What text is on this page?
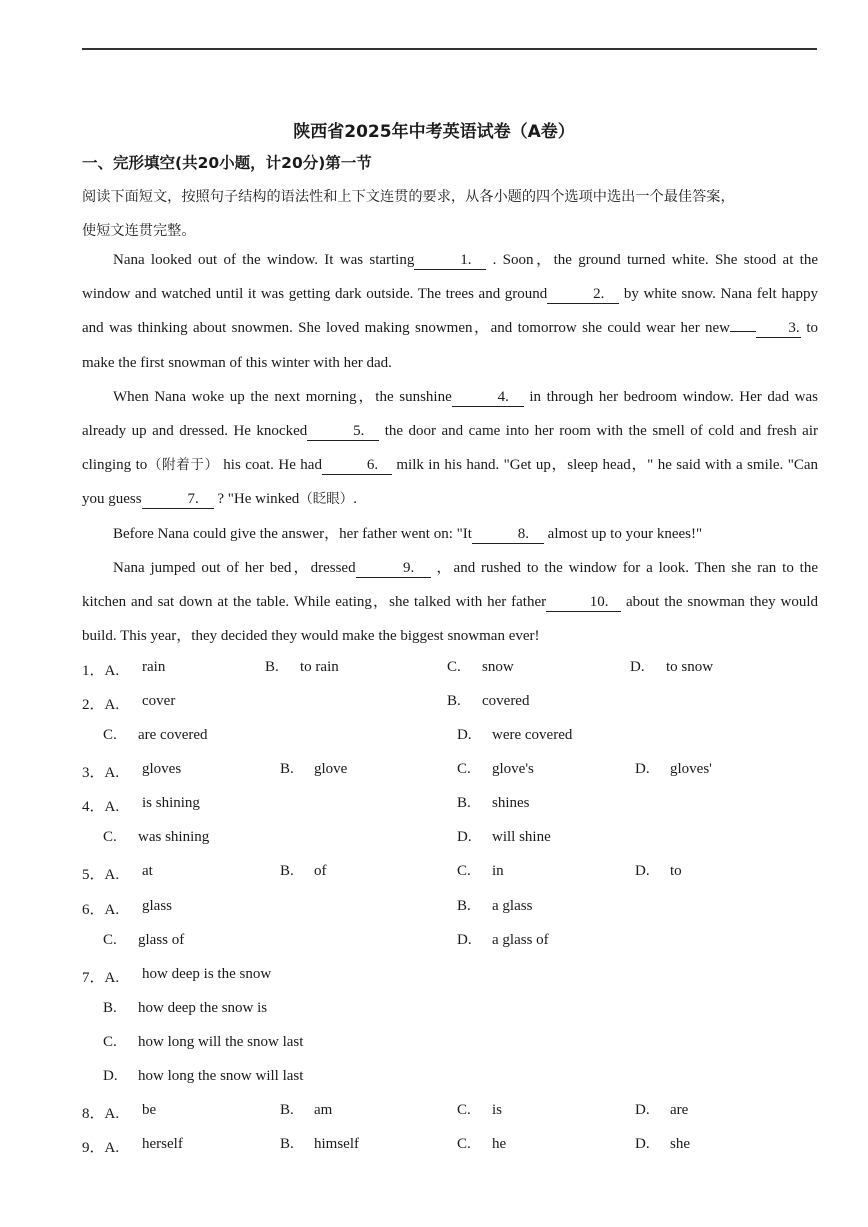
陕西省2025年中考英语试卷（A卷）
一、完形填空(共20小题，计20分)第一节
阅读下面短文，按照句子结构的语法性和上下文连贯的要求，从各小题的四个选项中选出一个最佳答案，
使短文连贯完整。

Nana looked out of the window. It was starting	1. . Soon，the ground turned white. She stood at the window and watched until it was getting dark outside. The trees and ground	2. by white snow. Nana felt happy and was thinking about snowmen. She loved making snowmen，and tomorrow she could wear her new	3. to make the first snowman of this winter with her dad.

When Nana woke up the next morning，the sunshine	4. in through her bedroom window. Her dad was already up and dressed. He knocked	5. the door and came into her room with the smell of cold and fresh air clinging to（附着于） his coat. He had	6. milk in his hand. "Get up，sleep head，" he said with a smile. "Can you guess	7. ? "He winked（眨眼）.

Before Nana could give the answer，her father went on: "It	8. almost up to your knees!"

Nana jumped out of her bed，dressed	9. ，and rushed to the window for a look. Then she ran to the kitchen and sat down at the table. While eating，she talked with her father	10. about the snowman they would build. This year，they decided they would make the biggest snowman ever!

1．A. rain	B. to rain	C. snow	D. to snow
2．A. cover	B. covered
C. are covered	D. were covered
3．A. gloves	B. glove	C. glove's	D. gloves'
4．A. is shining	B. shines
C. was shining	D. will shine
5．A. at	B. of	C. in	D. to
6．A. glass	B. a glass
C. glass of	D. a glass of
7．A. how deep is the snow
B. how deep the snow is
C. how long will the snow last
D. how long the snow will last
8．A. be	B. am	C. is	D. are
9．A. herself	B. himself	C. he	D. she
